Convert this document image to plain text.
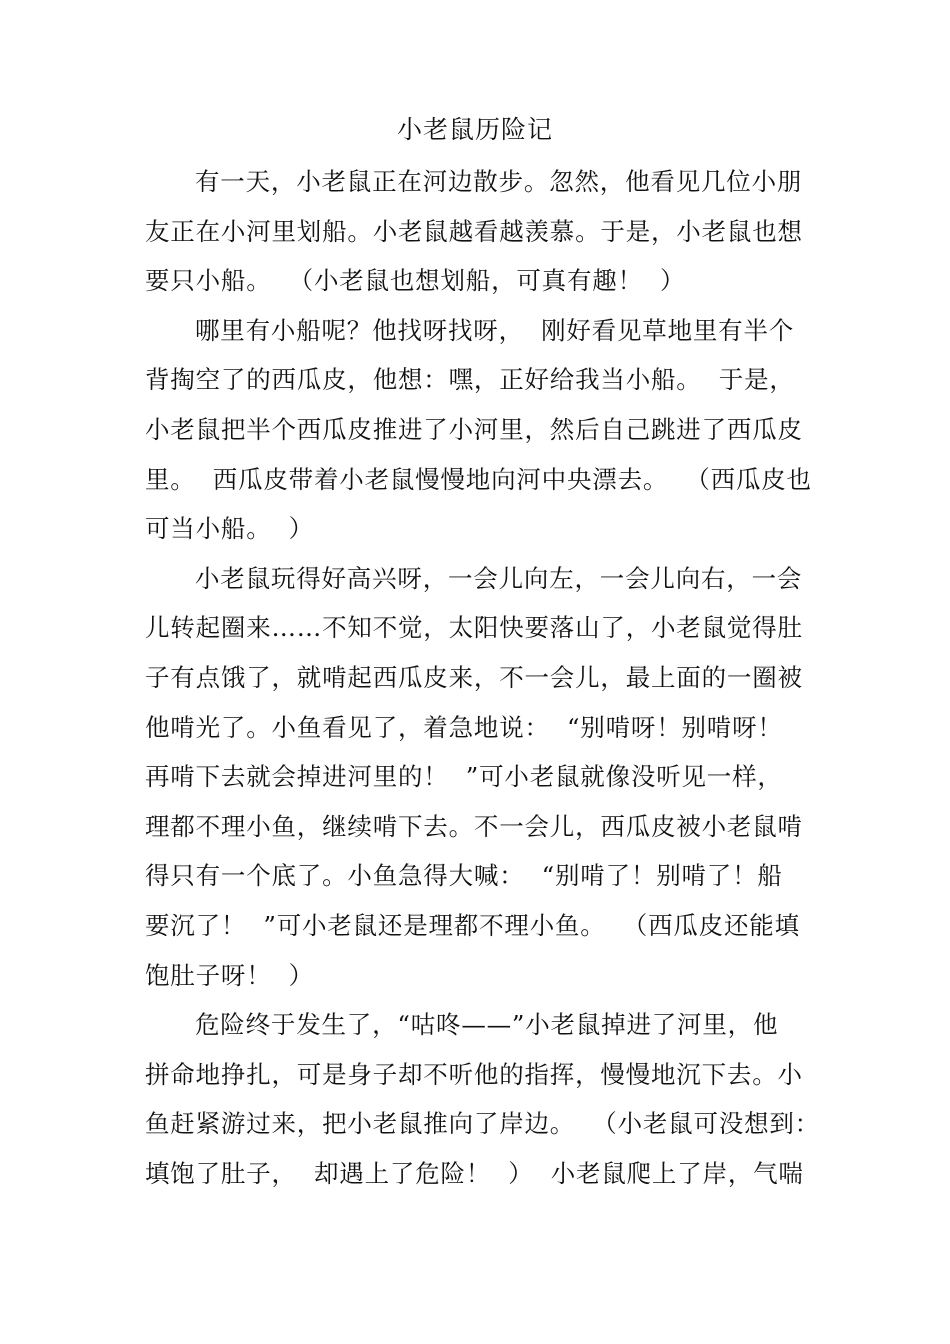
小老鼠历险记
有一天，小老鼠正在河边散步。忽然，他看见几位小朋
友正在小河里划船。小老鼠越看越羡慕。于是，小老鼠也想
要只小船。  （小老鼠也想划船，可真有趣！  ）
哪里有小船呢？他找呀找呀，  刚好看见草地里有半个
背掏空了的西瓜皮，他想：嘿，正好给我当小船。  于是，
小老鼠把半个西瓜皮推进了小河里，然后自己跳进了西瓜皮
里。  西瓜皮带着小老鼠慢慢地向河中央漂去。  （西瓜皮也
可当小船。  ）
小老鼠玩得好高兴呀，一会儿向左，一会儿向右，一会
儿转起圈来……不知不觉，太阳快要落山了，小老鼠觉得肚
子有点饿了，就啃起西瓜皮来，不一会儿，最上面的一圈被
他啃光了。小鱼看见了，着急地说：  “别啃呀！别啃呀！
再啃下去就会掉进河里的！  ”可小老鼠就像没听见一样，
理都不理小鱼，继续啃下去。不一会儿，西瓜皮被小老鼠啃
得只有一个底了。小鱼急得大喊：  “别啃了！别啃了！船
要沉了！  ”可小老鼠还是理都不理小鱼。  （西瓜皮还能填
饱肚子呀！  ）
危险终于发生了，“咕咚——”小老鼠掉进了河里，他
拼命地挣扎，可是身子却不听他的指挥，慢慢地沉下去。小
鱼赶紧游过来，把小老鼠推向了岸边。  （小老鼠可没想到：
填饱了肚子，  却遇上了危险！  ）  小老鼠爬上了岸，气喘
